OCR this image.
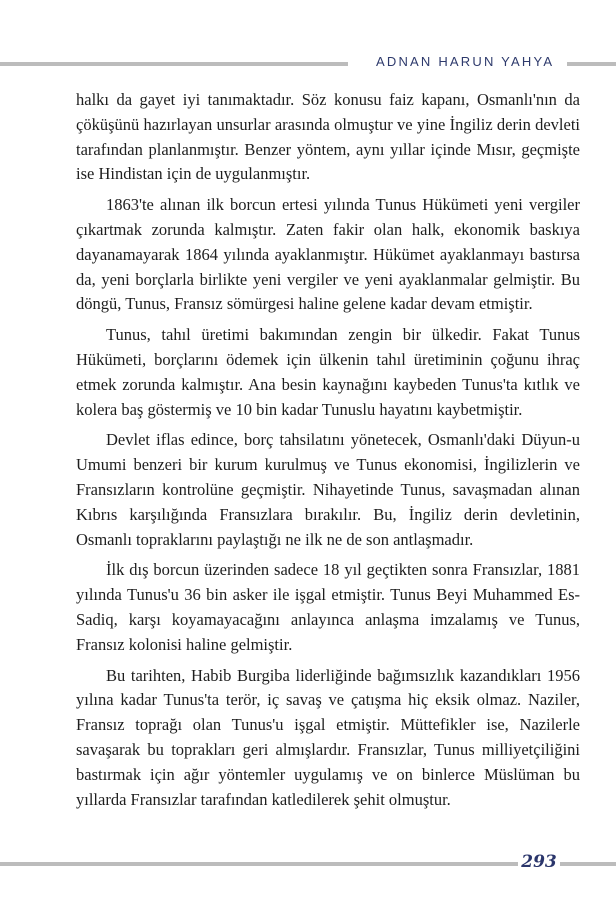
ADNAN HARUN YAHYA

halkı da gayet iyi tanımaktadır. Söz konusu faiz kapanı, Osmanlı'nın da çöküşünü hazırlayan unsurlar arasında olmuştur ve yine İngiliz derin devleti tarafından planlanmıştır. Benzer yöntem, aynı yıllar içinde Mısır, geçmişte ise Hindistan için de uygulanmıştır.

1863'te alınan ilk borcun ertesi yılında Tunus Hükümeti yeni vergiler çıkartmak zorunda kalmıştır. Zaten fakir olan halk, ekonomik baskıya dayanamayarak 1864 yılında ayaklanmıştır. Hükümet ayaklanmayı bastırsa da, yeni borçlarla birlikte yeni vergiler ve yeni ayaklanmalar gelmiştir. Bu döngü, Tunus, Fransız sömürgesi haline gelene kadar devam etmiştir.

Tunus, tahıl üretimi bakımından zengin bir ülkedir. Fakat Tunus Hükümeti, borçlarını ödemek için ülkenin tahıl üretiminin çoğunu ihraç etmek zorunda kalmıştır. Ana besin kaynağını kaybeden Tunus'ta kıtlık ve kolera baş göstermiş ve 10 bin kadar Tunuslu hayatını kaybetmiştir.

Devlet iflas edince, borç tahsilatını yönetecek, Osmanlı'daki Düyun-u Umumi benzeri bir kurum kurulmuş ve Tunus ekonomisi, İngilizlerin ve Fransızların kontrolüne geçmiştir. Nihayetinde Tunus, savaşmadan alınan Kıbrıs karşılığında Fransızlara bırakılır. Bu, İngiliz derin devletinin, Osmanlı topraklarını paylaştığı ne ilk ne de son antlaşmadır.

İlk dış borcun üzerinden sadece 18 yıl geçtikten sonra Fransızlar, 1881 yılında Tunus'u 36 bin asker ile işgal etmiştir. Tunus Beyi Muhammed Es-Sadiq, karşı koyamayacağını anlayınca anlaşma imzalamış ve Tunus, Fransız kolonisi haline gelmiştir.

Bu tarihten, Habib Burgiba liderliğinde bağımsızlık kazandıkları 1956 yılına kadar Tunus'ta terör, iç savaş ve çatışma hiç eksik olmaz. Naziler, Fransız toprağı olan Tunus'u işgal etmiştir. Müttefikler ise, Nazilerle savaşarak bu toprakları geri almışlardır. Fransızlar, Tunus milliyetçiliğini bastırmak için ağır yöntemler uygulamış ve on binlerce Müslüman bu yıllarda Fransızlar tarafından katledilerek şehit olmuştur.

293
